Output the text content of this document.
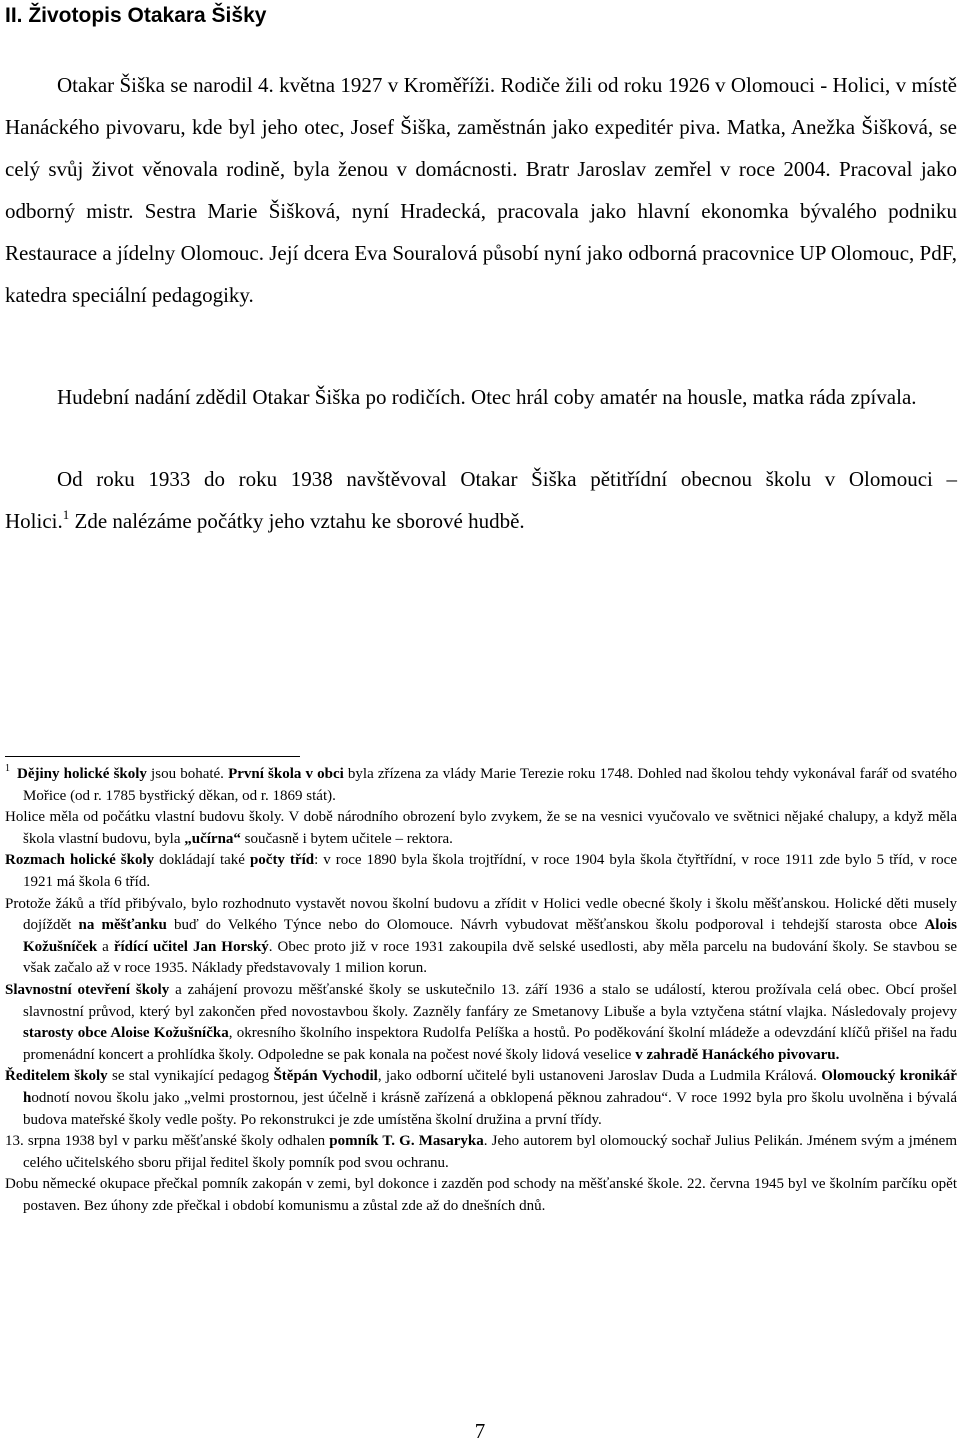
II. Životopis Otakara Šišky

Otakar Šiška se narodil 4. května 1927 v Kroměříži. Rodiče žili od roku 1926 v Olomouci - Holici, v místě Hanáckého pivovaru, kde byl jeho otec, Josef Šiška, zaměstnán jako expeditér piva. Matka, Anežka Šišková, se celý svůj život věnovala rodině, byla ženou v domácnosti. Bratr Jaroslav zemřel v roce 2004. Pracoval jako odborný mistr. Sestra Marie Šišková, nyní Hradecká, pracovala jako hlavní ekonomka bývalého podniku Restaurace a jídelny Olomouc. Její dcera Eva Souralová působí nyní jako odborná pracovnice UP Olomouc, PdF, katedra speciální pedagogiky.

Hudební nadání zdědil Otakar Šiška po rodičích. Otec hrál coby amatér na housle, matka ráda zpívala.

Od roku 1933 do roku 1938 navštěvoval Otakar Šiška pětitřídní obecnou školu v Olomouci –
Holici.$^1$ Zde nalézáme počátky jeho vztahu ke sborové hudbě.

1 Dějiny holické školy jsou bohaté. První škola v obci byla zřízena za vlády Marie Terezie roku 1748. Dohled nad školou tehdy vykonával farář od svatého Mořice (od r. 1785 bystřický děkan, od r. 1869 stát).

Holice měla od počátku vlastní budovu školy. V době národního obrození bylo zvykem, že se na vesnici vyučovalo ve světnici nějaké chalupy, a když měla škola vlastní budovu, byla „učírna“ současně i bytem učitele – rektora.

Rozmach holické školy dokládají také počty tříd: v roce 1890 byla škola trojtřídní, v roce 1904 byla škola čtyřtřídní, v roce 1911 zde bylo 5 tříd, v roce 1921 má škola 6 tříd.

Protože žáků a tříd přibývalo, bylo rozhodnuto vystavět novou školní budovu a zřídit v Holici vedle obecné školy i školu měšťanskou. Holické děti musely dojíždět na měšťanku buď do Velkého Týnce nebo do Olomouce. Návrh vybudovat měšťanskou školu podporoval i tehdejší starosta obce Alois Kožušníček a řídící učitel Jan Horský. Obec proto již v roce 1931 zakoupila dvě selské usedlosti, aby měla parcelu na budování školy. Se stavbou se však začalo až v roce 1935. Náklady představovaly 1 milion korun.

Slavnostní otevření školy a zahájení provozu měšťanské školy se uskutečnilo 13. září 1936 a stalo se událostí, kterou prožívala celá obec. Obcí prošel slavnostní průvod, který byl zakončen před novostavbou školy. Zazněly fanfáry ze Smetanovy Libuše a byla vztyčena státní vlajka. Následovaly projevy starosty obce Aloise Kožušníčka, okresního školního inspektora Rudolfa Pelíška a hostů. Po poděkování školní mládeže a odevzdání klíčů přišel na řadu promenádní koncert a prohlídka školy. Odpoledne se pak konala na počest nové školy lidová veselice v zahradě Hanáckého pivovaru.

Ředitelem školy se stal vynikající pedagog Štěpán Vychodil, jako odborní učitelé byli ustanoveni Jaroslav Duda a Ludmila Králová. Olomoucký kronikář hodnotí novou školu jako „velmi prostornou, jest účelně i krásně zařízená a obklopená pěknou zahradou“. V roce 1992 byla pro školu uvolněna i bývalá budova mateřské školy vedle pošty. Po rekonstrukci je zde umístěna školní družina a první třídy.

13. srpna 1938 byl v parku měšťanské školy odhalen pomník T. G. Masaryka. Jeho autorem byl olomoucký sochař Julius Pelikán. Jménem svým a jménem celého učitelského sboru přijal ředitel školy pomník pod svou ochranu.

Dobu německé okupace přečkal pomník zakopán v zemi, byl dokonce i zazděn pod schody na měšťanské škole. 22. června 1945 byl ve školním parčíku opět postaven. Bez úhony zde přečkal i období komunismu a zůstal zde až do dnešních dnů.

7
